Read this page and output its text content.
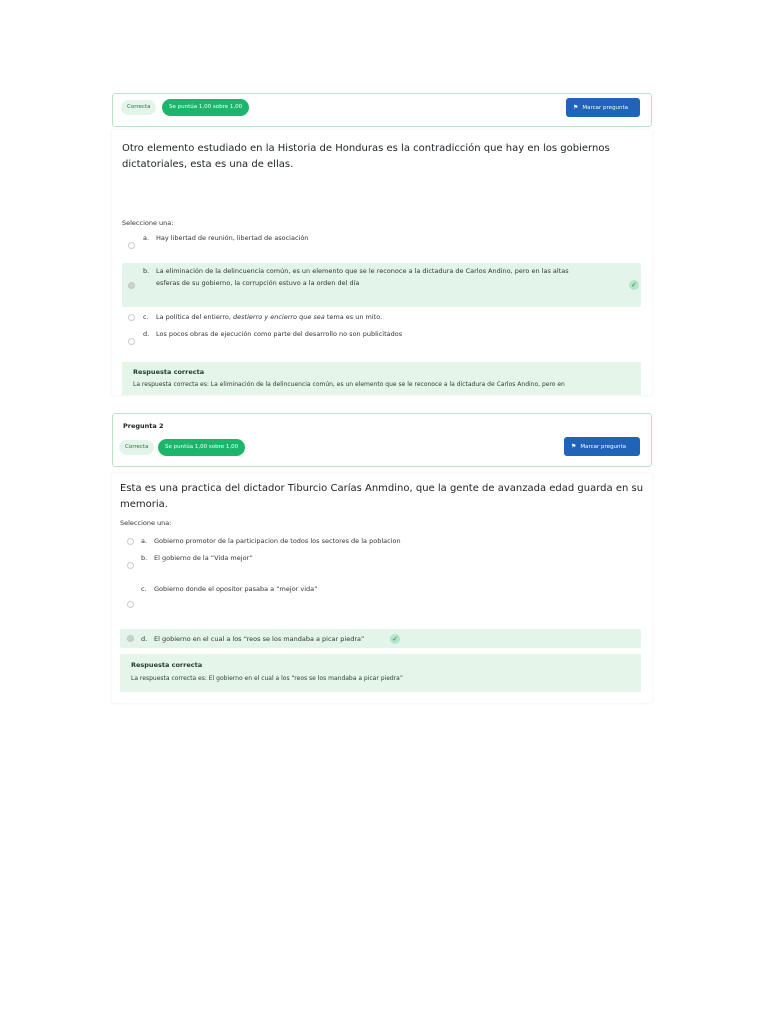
Correcta	Se puntúa 1,00 sobre 1,00	⚑ Marcar pregunta
Otro elemento estudiado en la Historia de Honduras es la contradicción que hay en los gobiernos
dictatoriales, esta es una de ellas.
Seleccione una:
a. Hay libertad de reunión, libertad de asociación
b. La eliminación de la delincuencia común, es un elemento que se le reconoce a la dictadura de Carlos Andino, pero en las altas
esferas de su gobierno, la corrupción estuvo a la orden del día	✓
c. La política del entierro, destierro y encierro que sea tema es un mito.
d. Los pocos obras de ejecución como parte del desarrollo no son publicitados
Respuesta correcta
La respuesta correcta es: La eliminación de la delincuencia común, es un elemento que se le reconoce a la dictadura de Carlos Andino, pero en
Pregunta 2
Correcta	Se puntúa 1,00 sobre 1,00	⚑ Marcar pregunta
Esta es una practica del dictador Tiburcio Carías Anmdino, que la gente de avanzada edad guarda en su
memoria.
Seleccione una:
a. Gobierno promotor de la participacion de todos los sectores de la poblacion
b. El gobierno de la “Vida mejor”
c. Gobierno donde el opositor pasaba a “mejor vida”
d. El gobierno en el cual a los “reos se los mandaba a picar piedra”	✓
Respuesta correcta
La respuesta correcta es: El gobierno en el cual a los “reos se los mandaba a picar piedra”
